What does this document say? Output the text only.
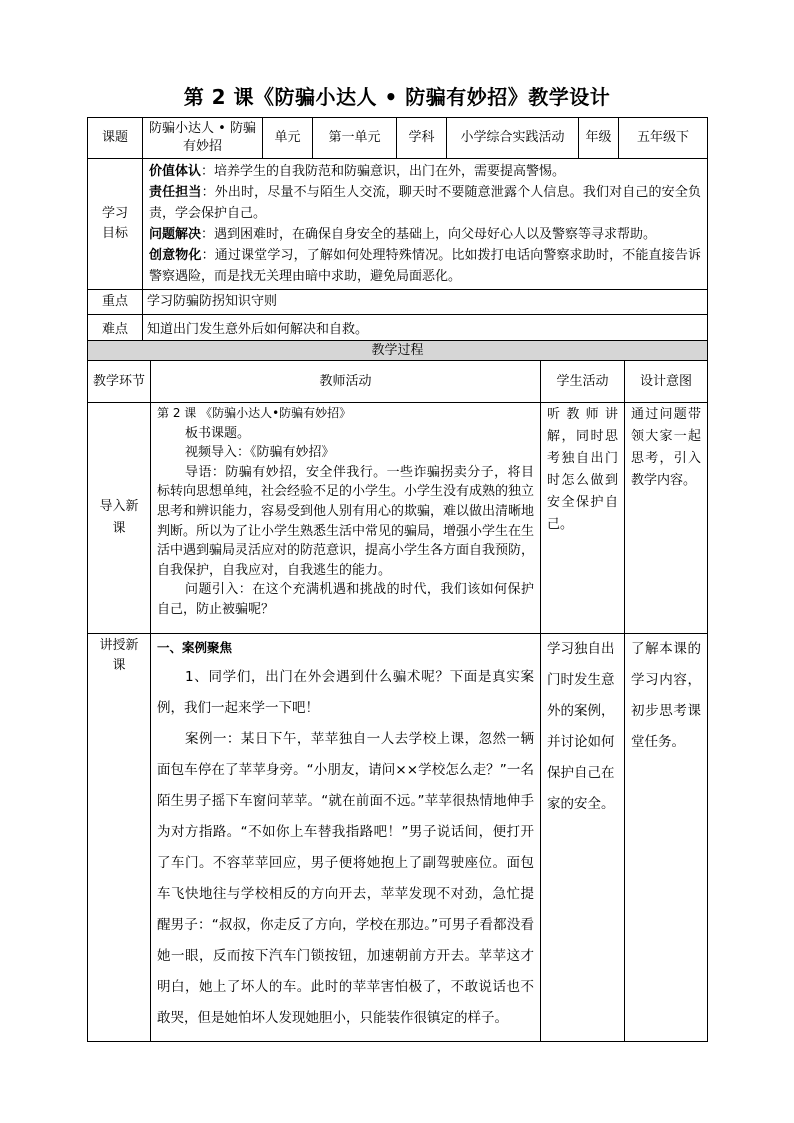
第 2 课《防骗小达人 • 防骗有妙招》教学设计
课题	防骗小达人 • 防骗有妙招	单元	第一单元	学科	小学综合实践活动	年级	五年级下
学习目标	价值体认：培养学生的自我防范和防骗意识，出门在外，需要提高警惕。
责任担当：外出时，尽量不与陌生人交流，聊天时不要随意泄露个人信息。我们对自己的安全负责，学会保护自己。
问题解决：遇到困难时，在确保自身安全的基础上，向父母好心人以及警察等寻求帮助。
创意物化：通过课堂学习，了解如何处理特殊情况。比如拨打电话向警察求助时，不能直接告诉警察遇险，而是找无关理由暗中求助，避免局面恶化。						

重点	学习防骗防拐知识守则						
难点	知道出门发生意外后如何解决和自救。						
教学过程			
教学环节	教师活动	学生活动	设计意图
导入新课	第 2 课 《防骗小达人•防骗有妙招》
板书课题。
视频导入：《防骗有妙招》
导语：防骗有妙招，安全伴我行。一些诈骗拐卖分子，将目标转向思想单纯，社会经验不足的小学生。小学生没有成熟的独立思考和辨识能力，容易受到他人别有用心的欺骗，难以做出清晰地判断。所以为了让小学生熟悉生活中常见的骗局，增强小学生在生活中遇到骗局灵活应对的防范意识，提高小学生各方面自我预防，自我保护，自我应对，自我逃生的能力。
问题引入：在这个充满机遇和挑战的时代，我们该如何保护自己，防止被骗呢？	听教师讲解，同时思考独自出门时怎么做到安全保护自己。	通过问题带领大家一起思考，引入教学内容。
讲授新课	一、案例聚焦
1、同学们，出门在外会遇到什么骗术呢？下面是真实案例，我们一起来学一下吧！
案例一：某日下午，苹苹独自一人去学校上课，忽然一辆面包车停在了苹苹身旁。“小朋友，请问××学校怎么走？”一名陌生男子摇下车窗问苹苹。“就在前面不远。”苹苹很热情地伸手为对方指路。“不如你上车替我指路吧！”男子说话间，便打开了车门。不容苹苹回应，男子便将她抱上了副驾驶座位。面包车飞快地往与学校相反的方向开去，苹苹发现不对劲，急忙提醒男子：“叔叔，你走反了方向，学校在那边。”可男子看都没看她一眼，反而按下汽车门锁按钮，加速朝前方开去。苹苹这才明白，她上了坏人的车。此时的苹苹害怕极了，不敢说话也不敢哭，但是她怕坏人发现她胆小，只能装作很镇定的样子。	学习独自出门时发生意外的案例，并讨论如何保护自己在家的安全。	了解本课的学习内容，初步思考课堂任务。
